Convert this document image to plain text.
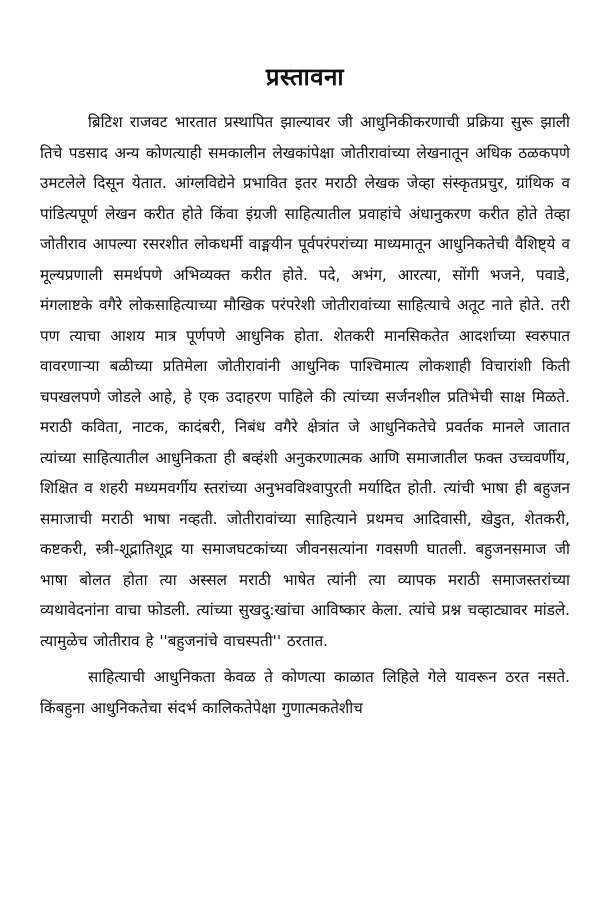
प्रस्तावना

ब्रिटिश राजवट भारतात प्रस्थापित झाल्यावर जी आधुनिकीकरणाची प्रक्रिया सुरू झाली तिचे पडसाद अन्य कोणत्याही समकालीन लेखकांपेक्षा जोतीरावांच्या लेखनातून अधिक ठळकपणे उमटलेले दिसून येतात. आंग्लविद्येने प्रभावित इतर मराठी लेखक जेव्हा संस्कृतप्रचुर, ग्रांथिक व पांडित्यपूर्ण लेखन करीत होते किंवा इंग्रजी साहित्यातील प्रवाहांचे अंधानुकरण करीत होते तेव्हा जोतीराव आपल्या रसरशीत लोकधर्मी वाङ्मयीन पूर्वपरंपरांच्या माध्यमातून आधुनिकतेची वैशिष्ट्ये व मूल्यप्रणाली समर्थपणे अभिव्यक्त करीत होते. पदे, अभंग, आरत्या, सोंगी भजने, पवाडे, मंगलाष्टके वगैरे लोकसाहित्याच्या मौखिक परंपरेशी जोतीरावांच्या साहित्याचे अतूट नाते होते. तरी पण त्याचा आशय मात्र पूर्णपणे आधुनिक होता. शेतकरी मानसिकतेत आदर्शाच्या स्वरुपात वावरणाऱ्या बळीच्या प्रतिमेला जोतीरावांनी आधुनिक पाश्चिमात्य लोकशाही विचारांशी किती चपखलपणे जोडले आहे, हे एक उदाहरण पाहिले की त्यांच्या सर्जनशील प्रतिभेची साक्ष मिळते. मराठी कविता, नाटक, कादंबरी, निबंध वगैरे क्षेत्रांत जे आधुनिकतेचे प्रवर्तक मानले जातात त्यांच्या साहित्यातील आधुनिकता ही बव्हंशी अनुकरणात्मक आणि समाजातील फक्त उच्चवर्णीय, शिक्षित व शहरी मध्यमवर्गीय स्तरांच्या अनुभवविश्वापुरती मर्यादित होती. त्यांची भाषा ही बहुजन समाजाची मराठी भाषा नव्हती. जोतीरावांच्या साहित्याने प्रथमच आदिवासी, खेडुत, शेतकरी, कष्टकरी, स्त्री-शूद्रातिशूद्र या समाजघटकांच्या जीवनसत्यांना गवसणी घातली. बहुजनसमाज जी भाषा बोलत होता त्या अस्सल मराठी भाषेत त्यांनी त्या व्यापक मराठी समाजस्तरांच्या व्यथावेदनांना वाचा फोडली. त्यांच्या सुखदु:खांचा आविष्कार केला. त्यांचे प्रश्न चव्हाट्यावर मांडले. त्यामुळेच जोतीराव हे ''बहुजनांचे वाचस्पती'' ठरतात.

साहित्याची आधुनिकता केवळ ते कोणत्या काळात लिहिले गेले यावरून ठरत नसते. किंबहुना आधुनिकतेचा संदर्भ कालिकतेपेक्षा गुणात्मकतेशीच
